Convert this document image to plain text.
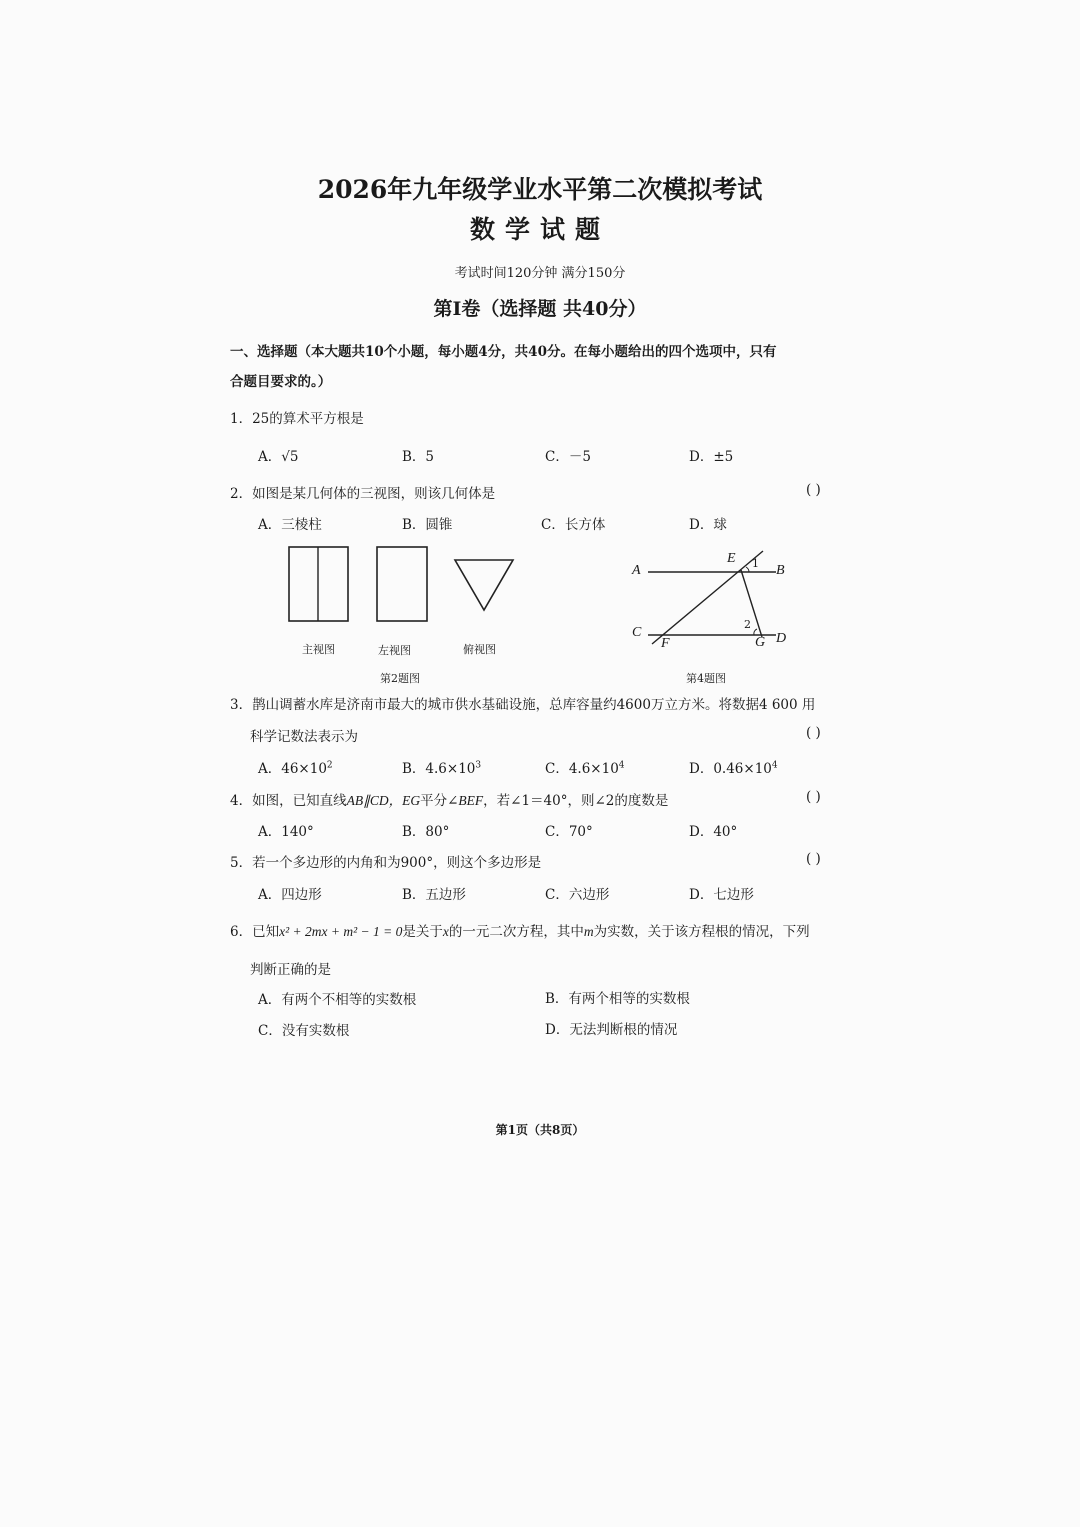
2026年九年级学业水平第二次模拟考试
数学试题
考试时间120分钟 满分150分
第I卷（选择题 共40分）
一、选择题（本大题共10个小题，每小题4分，共40分。在每小题给出的四个选项中，只有
合题目要求的。）
1．25的算术平方根是
A．√5	B．5	C．－5	D．±5
2．如图是某几何体的三视图，则该几何体是	( )
A．三棱柱	B．圆锥	C．长方体	D．球
主视图	左视图	俯视图
第2题图
A	B
C	D
E
F	G
1
2
第4题图
3．鹊山调蓄水库是济南市最大的城市供水基础设施，总库容量约4600万立方米。将数据4 600 用
科学记数法表示为	( )
A．$46\times 10^2$	B．$4.6\times 10^3$	C．$4.6\times 10^4$	D．$0.46\times 10^4$
4．如图，已知直线AB∥CD，EG平分∠BEF，若∠1＝40°，则∠2的度数是	( )
A．140°	B．80°	C．70°	D．40°
5．若一个多边形的内角和为900°，则这个多边形是	( )
A．四边形	B．五边形	C．六边形	D．七边形
6．已知x² + 2mx + m² − 1 = 0是关于x的一元二次方程，其中m为实数，关于该方程根的情况，下列
判断正确的是
A．有两个不相等的实数根	B．有两个相等的实数根
C．没有实数根	D．无法判断根的情况
第1页（共8页）
